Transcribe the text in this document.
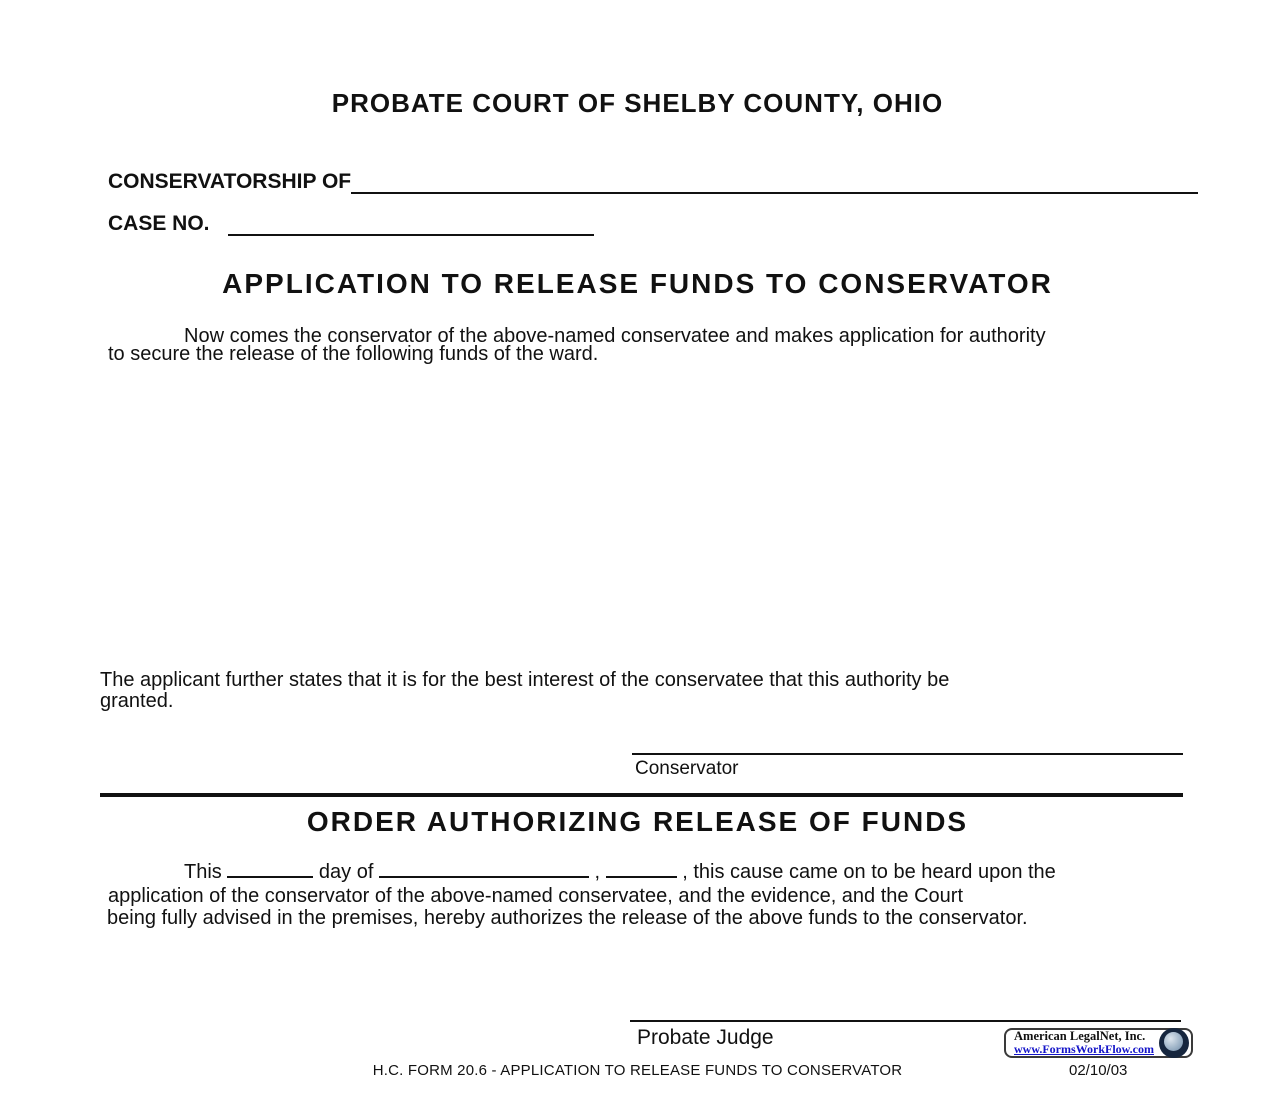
PROBATE COURT OF SHELBY COUNTY, OHIO
CONSERVATORSHIP OF
CASE NO.
APPLICATION TO RELEASE FUNDS TO CONSERVATOR
Now comes the conservator of the above-named conservatee and makes application for authority
to secure the release of the following funds of the ward.
The applicant further states that it is for the best interest of the conservatee that this authority be
granted.
Conservator
ORDER AUTHORIZING RELEASE OF FUNDS
This	day of	,	, this cause came on to be heard upon the
application of the conservator of the above-named conservatee, and the evidence, and the Court
being fully advised in the premises, hereby authorizes the release of the above funds to the conservator.
Probate Judge	American LegalNet, Inc.
www.FormsWorkFlow.com
H.C. FORM 20.6 - APPLICATION TO RELEASE FUNDS TO CONSERVATOR	02/10/03
